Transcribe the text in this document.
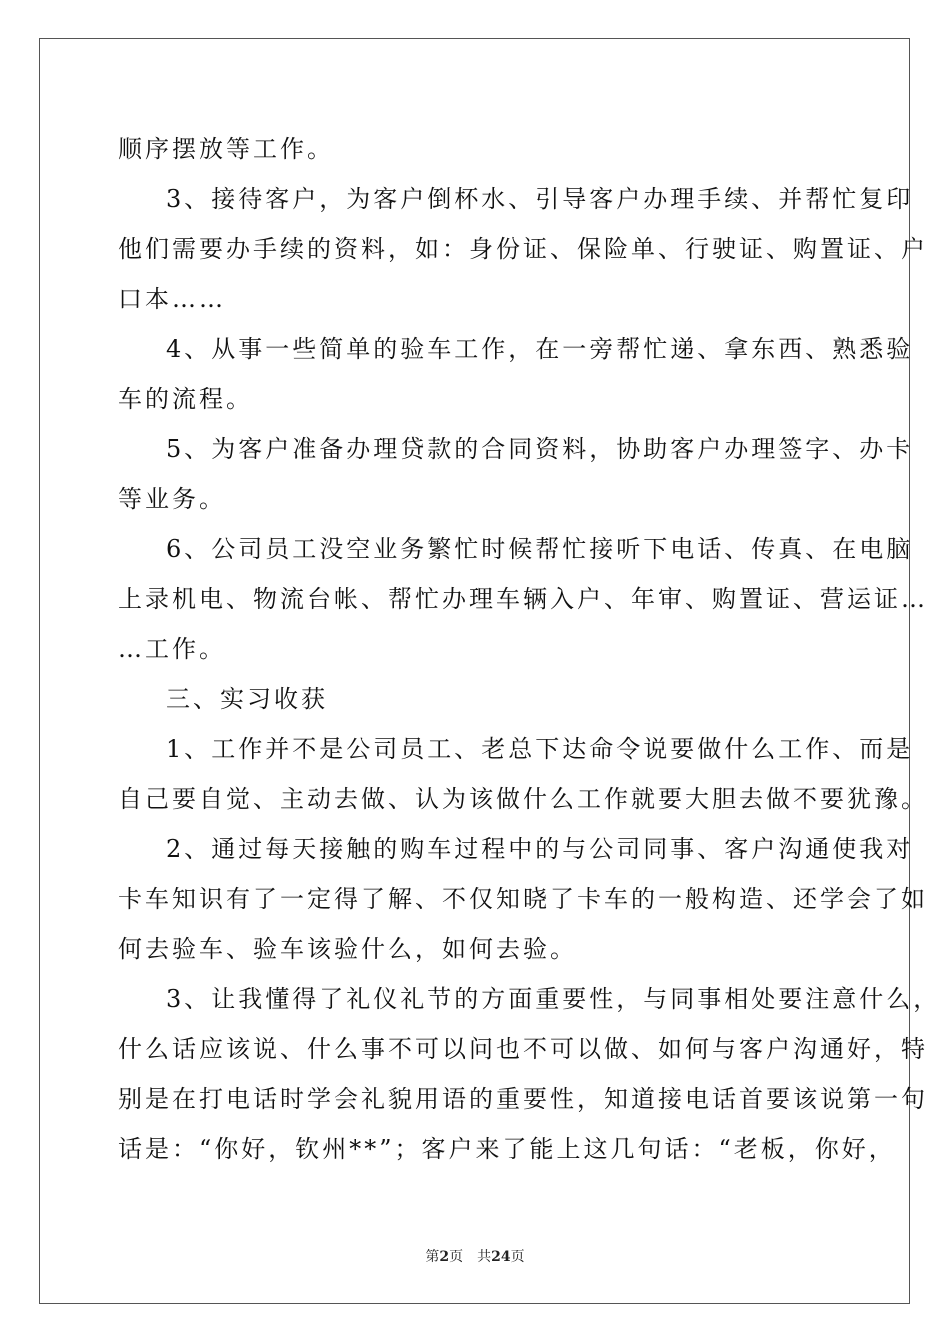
顺序摆放等工作。

3、接待客户，为客户倒杯水、引导客户办理手续、并帮忙复印

他们需要办手续的资料，如：身份证、保险单、行驶证、购置证、户

口本……

4、从事一些简单的验车工作，在一旁帮忙递、拿东西、熟悉验

车的流程。

5、为客户准备办理贷款的合同资料，协助客户办理签字、办卡

等业务。

6、公司员工没空业务繁忙时候帮忙接听下电话、传真、在电脑

上录机电、物流台帐、帮忙办理车辆入户、年审、购置证、营运证…

…工作。

三、实习收获

1、工作并不是公司员工、老总下达命令说要做什么工作、而是

自己要自觉、主动去做、认为该做什么工作就要大胆去做不要犹豫。

2、通过每天接触的购车过程中的与公司同事、客户沟通使我对

卡车知识有了一定得了解、不仅知晓了卡车的一般构造、还学会了如

何去验车、验车该验什么，如何去验。

3、让我懂得了礼仪礼节的方面重要性，与同事相处要注意什么，

什么话应该说、什么事不可以问也不可以做、如何与客户沟通好，特

别是在打电话时学会礼貌用语的重要性，知道接电话首要该说第一句

话是：“你好，钦州**”；客户来了能上这几句话：“老板，你好，

第2页 共24页
